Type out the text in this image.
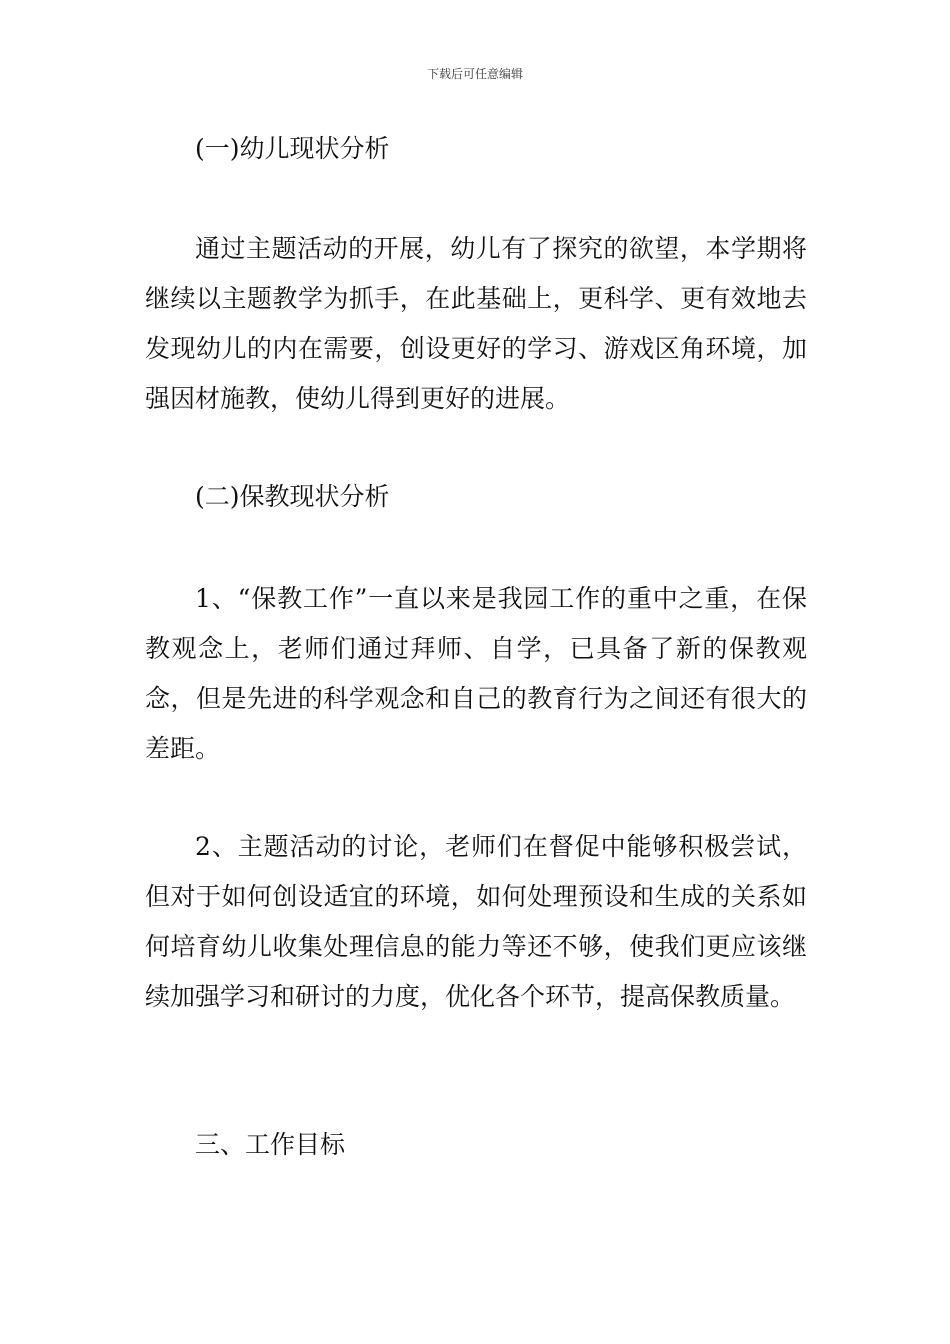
下载后可任意编辑

(一)幼儿现状分析

通过主题活动的开展，幼儿有了探究的欲望，本学期将继续以主题教学为抓手，在此基础上，更科学、更有效地去发现幼儿的内在需要，创设更好的学习、游戏区角环境，加强因材施教，使幼儿得到更好的进展。

(二)保教现状分析

1、“保教工作”一直以来是我园工作的重中之重，在保教观念上，老师们通过拜师、自学，已具备了新的保教观念，但是先进的科学观念和自己的教育行为之间还有很大的差距。

2、主题活动的讨论，老师们在督促中能够积极尝试，但对于如何创设适宜的环境，如何处理预设和生成的关系如何培育幼儿收集处理信息的能力等还不够，使我们更应该继续加强学习和研讨的力度，优化各个环节，提高保教质量。

三、工作目标
